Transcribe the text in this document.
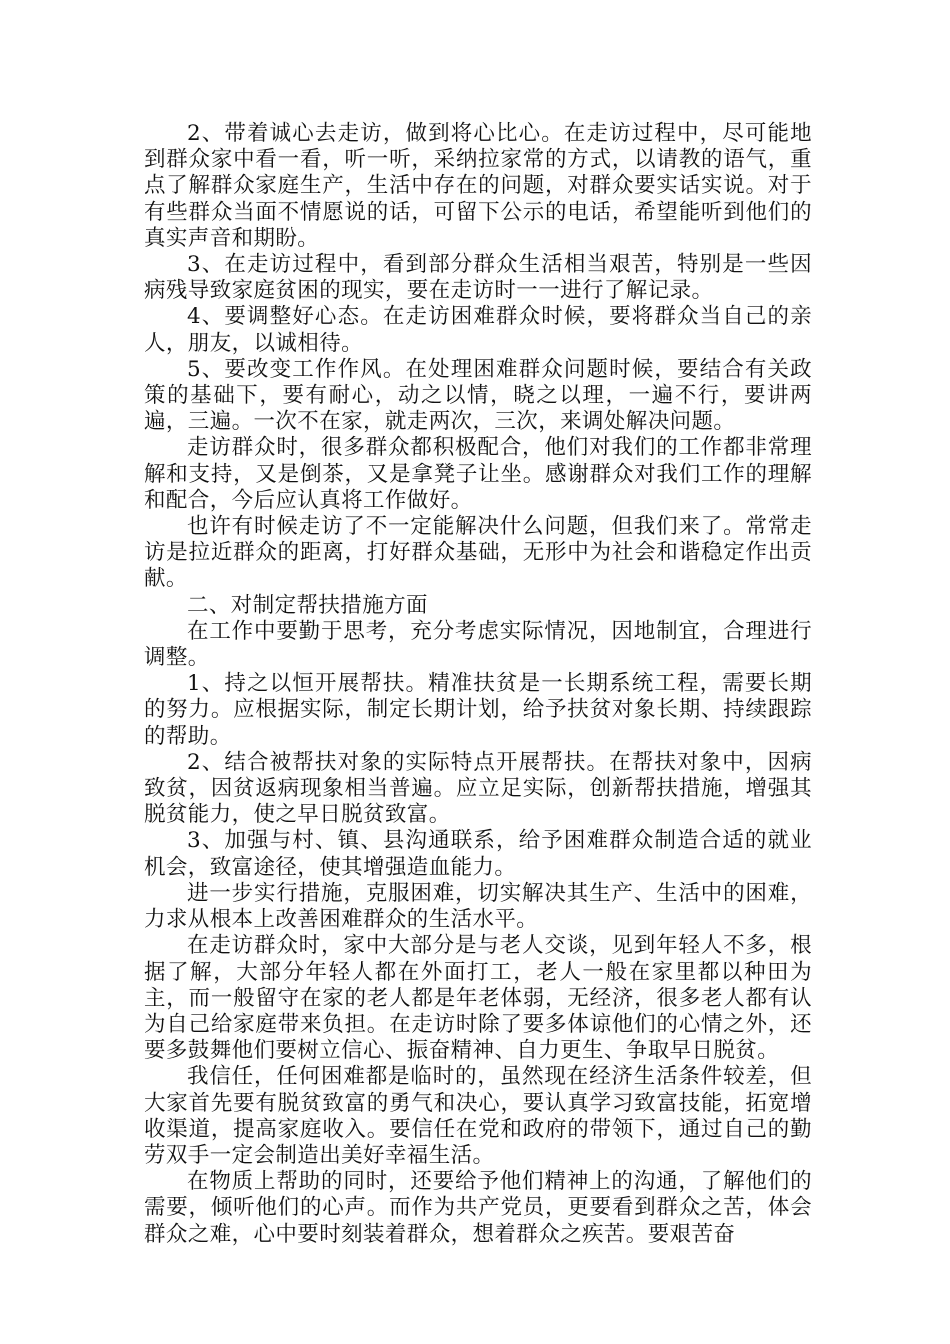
2、带着诚心去走访，做到将心比心。在走访过程中，尽可能地到群众家中看一看，听一听，采纳拉家常的方式，以请教的语气，重点了解群众家庭生产，生活中存在的问题，对群众要实话实说。对于有些群众当面不情愿说的话，可留下公示的电话，希望能听到他们的真实声音和期盼。

3、在走访过程中，看到部分群众生活相当艰苦，特别是一些因病残导致家庭贫困的现实，要在走访时一一进行了解记录。

4、要调整好心态。在走访困难群众时候，要将群众当自己的亲人，朋友，以诚相待。

5、要改变工作作风。在处理困难群众问题时候，要结合有关政策的基础下，要有耐心，动之以情，晓之以理，一遍不行，要讲两遍，三遍。一次不在家，就走两次，三次，来调处解决问题。

走访群众时，很多群众都积极配合，他们对我们的工作都非常理解和支持，又是倒茶，又是拿凳子让坐。感谢群众对我们工作的理解和配合，今后应认真将工作做好。

也许有时候走访了不一定能解决什么问题，但我们来了。常常走访是拉近群众的距离，打好群众基础，无形中为社会和谐稳定作出贡献。

二、对制定帮扶措施方面

在工作中要勤于思考，充分考虑实际情况，因地制宜，合理进行调整。

1、持之以恒开展帮扶。精准扶贫是一长期系统工程，需要长期的努力。应根据实际，制定长期计划，给予扶贫对象长期、持续跟踪的帮助。

2、结合被帮扶对象的实际特点开展帮扶。在帮扶对象中，因病致贫，因贫返病现象相当普遍。应立足实际，创新帮扶措施，增强其脱贫能力，使之早日脱贫致富。

3、加强与村、镇、县沟通联系，给予困难群众制造合适的就业机会，致富途径，使其增强造血能力。

进一步实行措施，克服困难，切实解决其生产、生活中的困难，力求从根本上改善困难群众的生活水平。

在走访群众时，家中大部分是与老人交谈，见到年轻人不多，根据了解，大部分年轻人都在外面打工，老人一般在家里都以种田为主，而一般留守在家的老人都是年老体弱，无经济，很多老人都有认为自己给家庭带来负担。在走访时除了要多体谅他们的心情之外，还要多鼓舞他们要树立信心、振奋精神、自力更生、争取早日脱贫。

我信任，任何困难都是临时的，虽然现在经济生活条件较差，但大家首先要有脱贫致富的勇气和决心，要认真学习致富技能，拓宽增收渠道，提高家庭收入。要信任在党和政府的带领下，通过自己的勤劳双手一定会制造出美好幸福生活。

在物质上帮助的同时，还要给予他们精神上的沟通，了解他们的需要，倾听他们的心声。而作为共产党员，更要看到群众之苦，体会群众之难，心中要时刻装着群众，想着群众之疾苦。要艰苦奋
